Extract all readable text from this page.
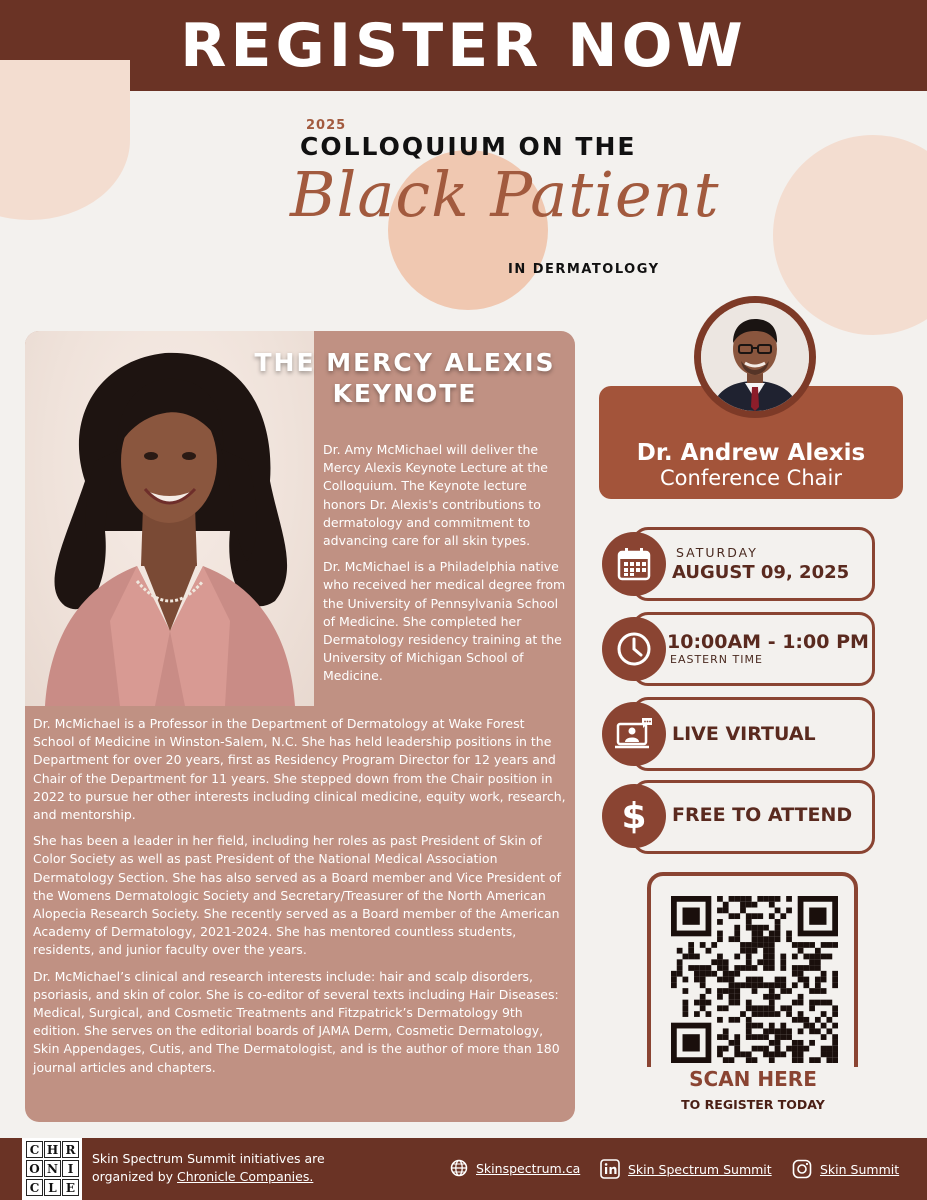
REGISTER NOW
2025
COLLOQUIUM ON THE
Black Patient
IN DERMATOLOGY
THE MERCY ALEXIS
KEYNOTE

Dr. Amy McMichael will deliver the Mercy Alexis Keynote Lecture at the Colloquium. The Keynote lecture honors Dr. Alexis's contributions to dermatology and commitment to advancing care for all skin types.

Dr. McMichael is a Philadelphia native who received her medical degree from the University of Pennsylvania School of Medicine. She completed her Dermatology residency training at the University of Michigan School of Medicine.

Dr. McMichael is a Professor in the Department of Dermatology at Wake Forest School of Medicine in Winston-Salem, N.C. She has held leadership positions in the Department for over 20 years, first as Residency Program Director for 12 years and Chair of the Department for 11 years. She stepped down from the Chair position in 2022 to pursue her other interests including clinical medicine, equity work, research, and mentorship.

She has been a leader in her field, including her roles as past President of Skin of Color Society as well as past President of the National Medical Association Dermatology Section. She has also served as a Board member and Vice President of the Womens Dermatologic Society and Secretary/Treasurer of the North American Alopecia Research Society. She recently served as a Board member of the American Academy of Dermatology, 2021-2024. She has mentored countless students, residents, and junior faculty over the years.

Dr. McMichael’s clinical and research interests include: hair and scalp disorders, psoriasis, and skin of color. She is co-editor of several texts including Hair Diseases: Medical, Surgical, and Cosmetic Treatments and Fitzpatrick’s Dermatology 9th edition. She serves on the editorial boards of JAMA Derm, Cosmetic Dermatology, Skin Appendages, Cutis, and The Dermatologist, and is the author of more than 180 journal articles and chapters.

Dr. Andrew Alexis
Conference Chair
SATURDAY
AUGUST 09, 2025
10:00AM - 1:00 PM
EASTERN TIME
LIVE VIRTUAL
$ FREE TO ATTEND
SCAN HERE
TO REGISTER TODAY
C H R
O N I
C L E
Skin Spectrum Summit initiatives are
organized by Chronicle Companies.
Skinspectrum.ca	Skin Spectrum Summit	Skin Summit
